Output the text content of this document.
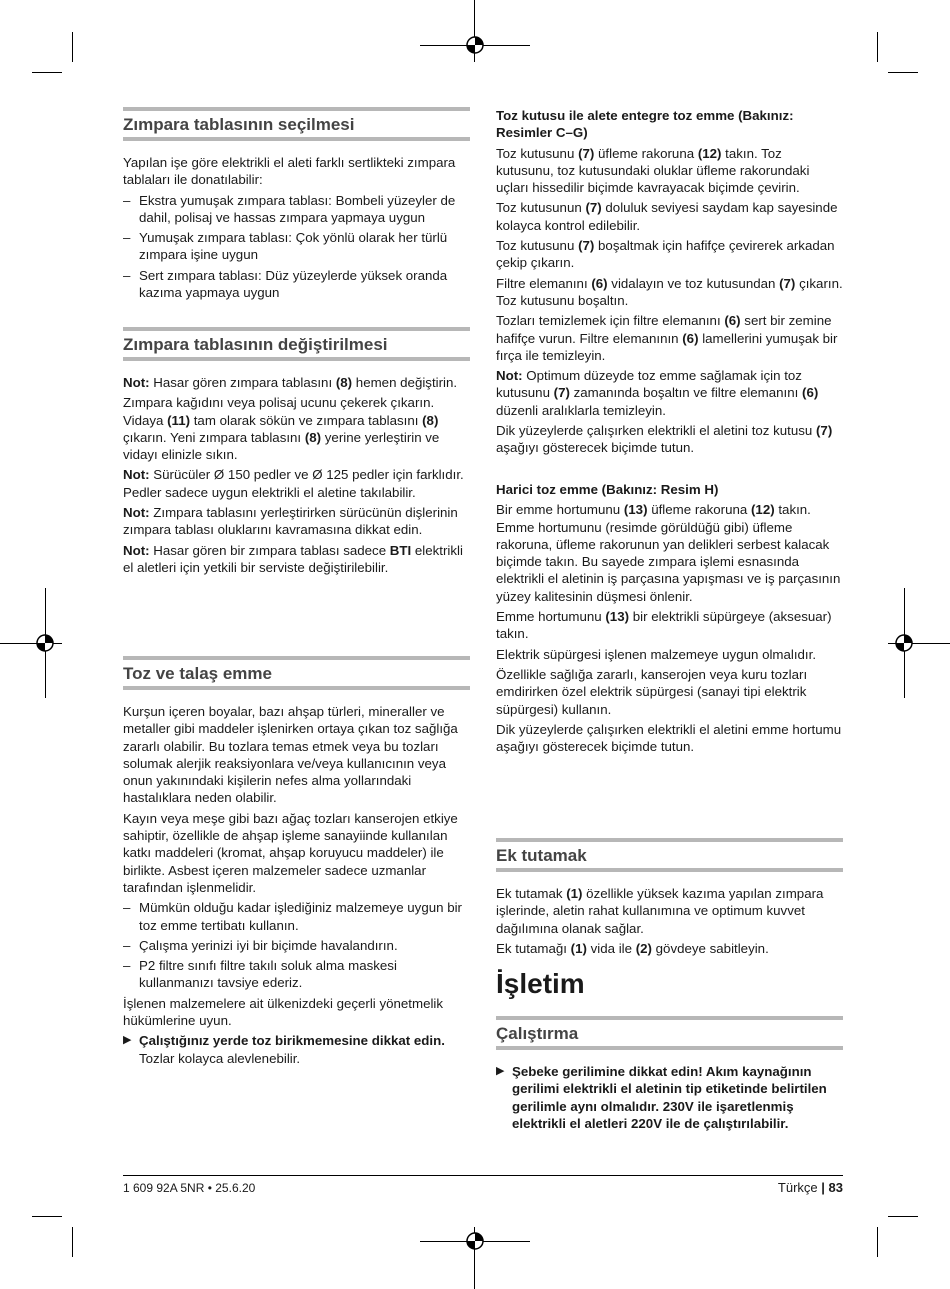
Zımpara tablasının seçilmesi

Yapılan işe göre elektrikli el aleti farklı sertlikteki zımpara tablaları ile donatılabilir:

– Ekstra yumuşak zımpara tablası: Bombeli yüzeyler de dahil, polisaj ve hassas zımpara yapmaya uygun
– Yumuşak zımpara tablası: Çok yönlü olarak her türlü zımpara işine uygun
– Sert zımpara tablası: Düz yüzeylerde yüksek oranda kazıma yapmaya uygun
Zımpara tablasının değiştirilmesi

Not: Hasar gören zımpara tablasını (8) hemen değiştirin.

Zımpara kağıdını veya polisaj ucunu çekerek çıkarın. Vidaya (11) tam olarak sökün ve zımpara tablasını (8) çıkarın. Yeni zımpara tablasını (8) yerine yerleştirin ve vidayı elinizle sıkın.

Not: Sürücüler Ø 150 pedler ve Ø 125 pedler için farklıdır. Pedler sadece uygun elektrikli el aletine takılabilir.

Not: Zımpara tablasını yerleştirirken sürücünün dişlerinin zımpara tablası oluklarını kavramasına dikkat edin.

Not: Hasar gören bir zımpara tablası sadece BTI elektrikli el aletleri için yetkili bir serviste değiştirilebilir.

Toz ve talaş emme

Kurşun içeren boyalar, bazı ahşap türleri, mineraller ve metaller gibi maddeler işlenirken ortaya çıkan toz sağlığa zararlı olabilir. Bu tozlara temas etmek veya bu tozları solumak alerjik reaksiyonlara ve/veya kullanıcının veya onun yakınındaki kişilerin nefes alma yollarındaki hastalıklara neden olabilir.

Kayın veya meşe gibi bazı ağaç tozları kanserojen etkiye sahiptir, özellikle de ahşap işleme sanayiinde kullanılan katkı maddeleri (kromat, ahşap koruyucu maddeler) ile birlikte. Asbest içeren malzemeler sadece uzmanlar tarafından işlenmelidir.

– Mümkün olduğu kadar işlediğiniz malzemeye uygun bir toz emme tertibatı kullanın.
– Çalışma yerinizi iyi bir biçimde havalandırın.
– P2 filtre sınıfı filtre takılı soluk alma maskesi kullanmanızı tavsiye ederiz.

İşlenen malzemelere ait ülkenizdeki geçerli yönetmelik hükümlerine uyun.

▶ Çalıştığınız yerde toz birikmemesine dikkat edin. Tozlar kolayca alevlenebilir.
Toz kutusu ile alete entegre toz emme (Bakınız: Resimler C–G)

Toz kutusunu (7) üfleme rakoruna (12) takın. Toz kutusunu, toz kutusundaki oluklar üfleme rakorundaki uçları hissedilir biçimde kavrayacak biçimde çevirin.

Toz kutusunun (7) doluluk seviyesi saydam kap sayesinde kolayca kontrol edilebilir.

Toz kutusunu (7) boşaltmak için hafifçe çevirerek arkadan çekip çıkarın.

Filtre elemanını (6) vidalayın ve toz kutusundan (7) çıkarın. Toz kutusunu boşaltın.

Tozları temizlemek için filtre elemanını (6) sert bir zemine hafifçe vurun. Filtre elemanının (6) lamellerini yumuşak bir fırça ile temizleyin.

Not: Optimum düzeyde toz emme sağlamak için toz kutusunu (7) zamanında boşaltın ve filtre elemanını (6) düzenli aralıklarla temizleyin.

Dik yüzeylerde çalışırken elektrikli el aletini toz kutusu (7) aşağıyı gösterecek biçimde tutun.

Harici toz emme (Bakınız: Resim H)

Bir emme hortumunu (13) üfleme rakoruna (12) takın. Emme hortumunu (resimde görüldüğü gibi) üfleme rakoruna, üfleme rakorunun yan delikleri serbest kalacak biçimde takın. Bu sayede zımpara işlemi esnasında elektrikli el aletinin iş parçasına yapışması ve iş parçasının yüzey kalitesinin düşmesi önlenir.

Emme hortumunu (13) bir elektrikli süpürgeye (aksesuar) takın.

Elektrik süpürgesi işlenen malzemeye uygun olmalıdır.

Özellikle sağlığa zararlı, kanserojen veya kuru tozları emdirirken özel elektrik süpürgesi (sanayi tipi elektrik süpürgesi) kullanın.

Dik yüzeylerde çalışırken elektrikli el aletini emme hortumu aşağıyı gösterecek biçimde tutun.

Ek tutamak

Ek tutamak (1) özellikle yüksek kazıma yapılan zımpara işlerinde, aletin rahat kullanımına ve optimum kuvvet dağılımına olanak sağlar.

Ek tutamağı (1) vida ile (2) gövdeye sabitleyin.

İşletim
Çalıştırma
▶ Şebeke gerilimine dikkat edin! Akım kaynağının gerilimi elektrikli el aletinin tip etiketinde belirtilen gerilimle aynı olmalıdır. 230V ile işaretlenmiş elektrikli el aletleri 220V ile de çalıştırılabilir.
1 609 92A 5NR • 25.6.20	Türkçe | 83
